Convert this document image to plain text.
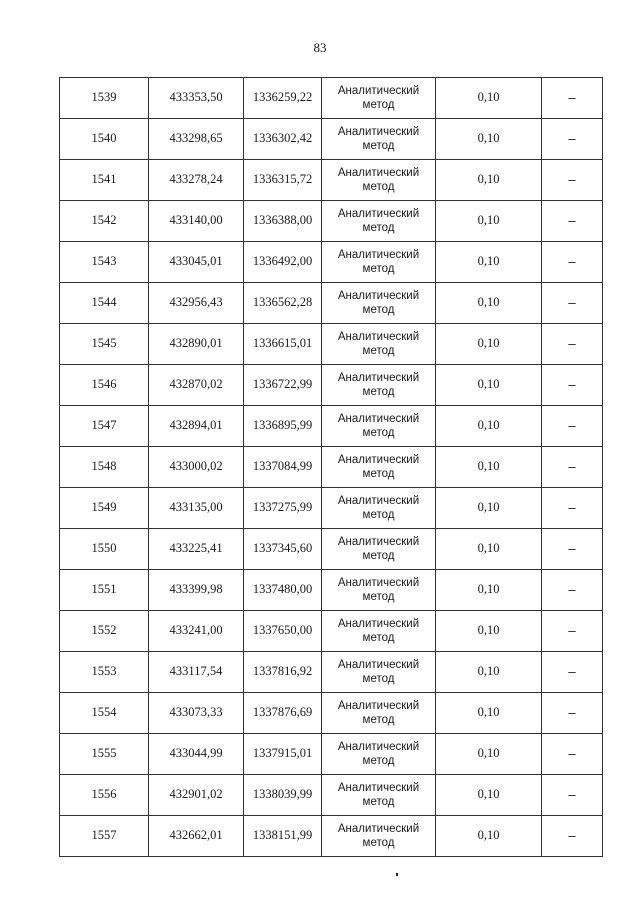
83
1539	433353,50	1336259,22	Аналитический метод	0,10	–
1540	433298,65	1336302,42	Аналитический метод	0,10	–
1541	433278,24	1336315,72	Аналитический метод	0,10	–
1542	433140,00	1336388,00	Аналитический метод	0,10	–
1543	433045,01	1336492,00	Аналитический метод	0,10	–
1544	432956,43	1336562,28	Аналитический метод	0,10	–
1545	432890,01	1336615,01	Аналитический метод	0,10	–
1546	432870,02	1336722,99	Аналитический метод	0,10	–
1547	432894,01	1336895,99	Аналитический метод	0,10	–
1548	433000,02	1337084,99	Аналитический метод	0,10	–
1549	433135,00	1337275,99	Аналитический метод	0,10	–
1550	433225,41	1337345,60	Аналитический метод	0,10	–
1551	433399,98	1337480,00	Аналитический метод	0,10	–
1552	433241,00	1337650,00	Аналитический метод	0,10	–
1553	433117,54	1337816,92	Аналитический метод	0,10	–
1554	433073,33	1337876,69	Аналитический метод	0,10	–
1555	433044,99	1337915,01	Аналитический метод	0,10	–
1556	432901,02	1338039,99	Аналитический метод	0,10	–
1557	432662,01	1338151,99	Аналитический метод	0,10	–
